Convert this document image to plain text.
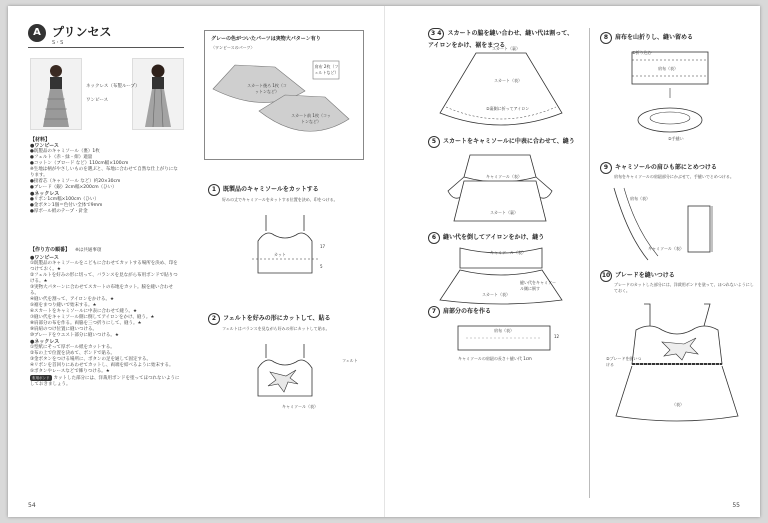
A プリンセス
S・S
ネックレス（布製ループ）
ワンピース
【材料】
●ワンピース
●既製品のキャミソール（裏）1枚
●フェルト（赤・緑・紺）適量
●コットン（ブロード など）110cm幅×100cm
※生地は柄がやさしいものを選ぶと、布地に合わせて自然な仕上がりになります。
●接着芯（キャミソール など）約20×30cm
●ブレード（銀）2cm幅×200cm（ひい）
●ネックレス
●リボン1cm幅×100cm（ひい）
●金ボタン1個＝色付い全体で9mm
●厚ボール紙のテープ・針金
【作り方の順番】 ※は共通事項
●ワンピース
①既製品のキャミソールをこどもに合わせてカットする場所を決め、印をつけておく。★
②フェルトを好みの形に切って、バランスを見ながら布用ボンドで貼りつける。★
③実物大パターンに合わせてスカートの布地をカット。脇を縫い合わせる。
④縫い代を割って、アイロンをかける。★
⑤裾をまつり縫いで始末する。★
⑥スカートをキャミソールに中表に合わせて縫う。★
⑦縫い代をキャミソール側に倒してアイロンをかけ、縫う。★
⑧肩部分の布を作る。両脇を三つ折りにして、縫う。★
⑨肩紐のつけ位置に縫いつける。
⑩ブレードをウエスト部分に縫いつける。★
●ネックレス
①型紙にそって厚ボール紙をカットする。
②布の上で位置を決めて、ボンドで貼る。
③金ボタンをつける場所に、ボタンの足を通して固定する。
④リボンを首回りにあわせてカットし、両端を結べるように始末する。
⑤ボタンやレースなどで飾りつける。★
布用ボンド カットした部分には、洋裁用ボンドを塗ってほつれないようにしておきましょう。
グレーの色がついたパーツは実物大パターン有り
〈ワンピースのパーツ〉
スカート後ろ 1枚（コットンなど）
スカート前 1枚（コットンなど）
肩布 2枚（フェルトなど）
1 既製品のキャミソールをカットする
好みの丈でキャミソールをカットする位置を決め、印をつける。
カット
17
5
2 フェルトを好みの形にカットして、貼る
フェルトはバランスを見ながら好みの形にカットして貼る。
フェルト
キャミソール（表）
54
3 4 スカートの脇を縫い合わせ、縫い代は割って、アイロンをかけ、裾をまつる
スカート（裏）
スカート（表）
②裏側に折ってアイロン
5 スカートをキャミソールに中表に合わせて、縫う
キャミソール（表）
スカート（裏）
6 縫い代を倒してアイロンをかけ、縫う
キャミソール（表）
縫い代をキャミソール側に倒す
スカート（表）
7 肩部分の布を作る
肩布（表）
キャミソールの肩紐の長さ＋縫い代 1cm
12
8 肩布を山折りし、縫い留める
①折り込む
肩布（表）
②手縫い
9 キャミソールの肩ひも部にとめつける
肩布をキャミソールの肩紐部分にかぶせて、手縫いでとめつける。
肩布（表）
キャミソール（表）
10 ブレードを縫いつける
ブレードのカットした部分には、洋裁用ボンドを塗って、ほつれないようにしておく。
②ブレードを縫いつける
（表）
55
